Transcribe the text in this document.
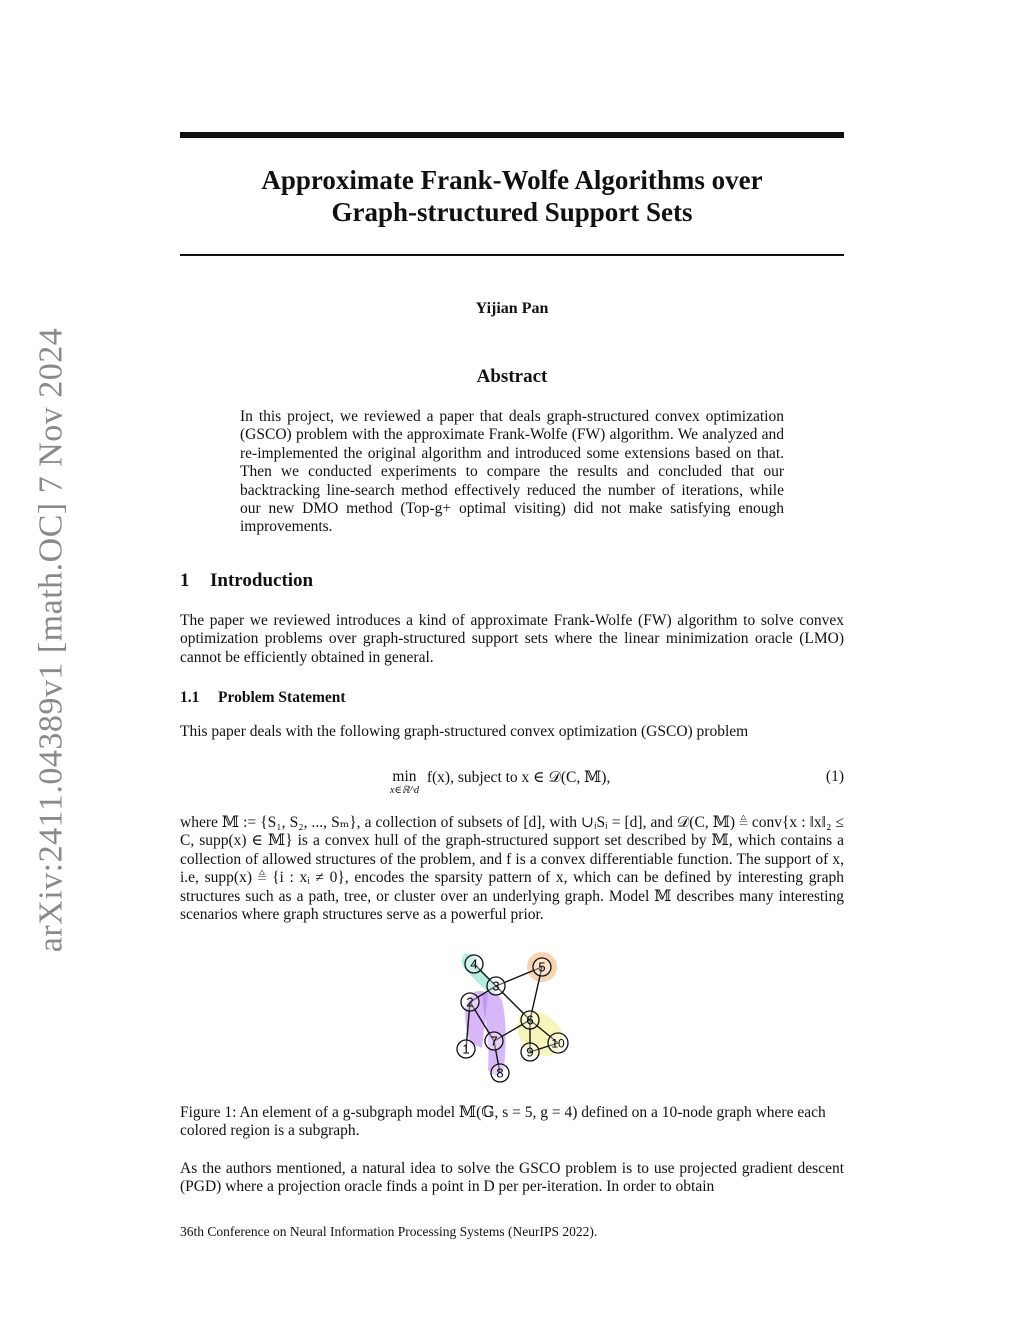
arXiv:2411.04389v1 [math.OC] 7 Nov 2024
Approximate Frank-Wolfe Algorithms over
Graph-structured Support Sets
Yijian Pan
Abstract
In this project, we reviewed a paper that deals graph-structured convex optimization (GSCO) problem with the approximate Frank-Wolfe (FW) algorithm. We analyzed and re-implemented the original algorithm and introduced some extensions based on that. Then we conducted experiments to compare the results and concluded that our backtracking line-search method effectively reduced the number of iterations, while our new DMO method (Top-g+ optimal visiting) did not make satisfying enough improvements.
1 Introduction
The paper we reviewed introduces a kind of approximate Frank-Wolfe (FW) algorithm to solve convex optimization problems over graph-structured support sets where the linear minimization oracle (LMO) cannot be efficiently obtained in general.
1.1 Problem Statement
This paper deals with the following graph-structured convex optimization (GSCO) problem
min
x∈ℝ^d
f(x), subject to x ∈ 𝒟(C, 𝕄),	(1)
where 𝕄 := {S₁, S₂, ..., Sₘ}, a collection of subsets of [d], with ∪ᵢSᵢ = [d], and 𝒟(C, 𝕄) ≜ conv{x : ‖x‖₂ ≤ C, supp(x) ∈ 𝕄} is a convex hull of the graph-structured support set described by 𝕄, which contains a collection of allowed structures of the problem, and f is a convex differentiable function. The support of x, i.e, supp(x) ≜ {i : xᵢ ≠ 0}, encodes the sparsity pattern of x, which can be defined by interesting graph structures such as a path, tree, or cluster over an underlying graph. Model 𝕄 describes many interesting scenarios where graph structures serve as a powerful prior.
1
2
3
4	5
6
7
8
9
10
Figure 1: An element of a g-subgraph model 𝕄(𝔾, s = 5, g = 4) defined on a 10-node graph where each colored region is a subgraph.
As the authors mentioned, a natural idea to solve the GSCO problem is to use projected gradient descent (PGD) where a projection oracle finds a point in D per per-iteration. In order to obtain
36th Conference on Neural Information Processing Systems (NeurIPS 2022).
